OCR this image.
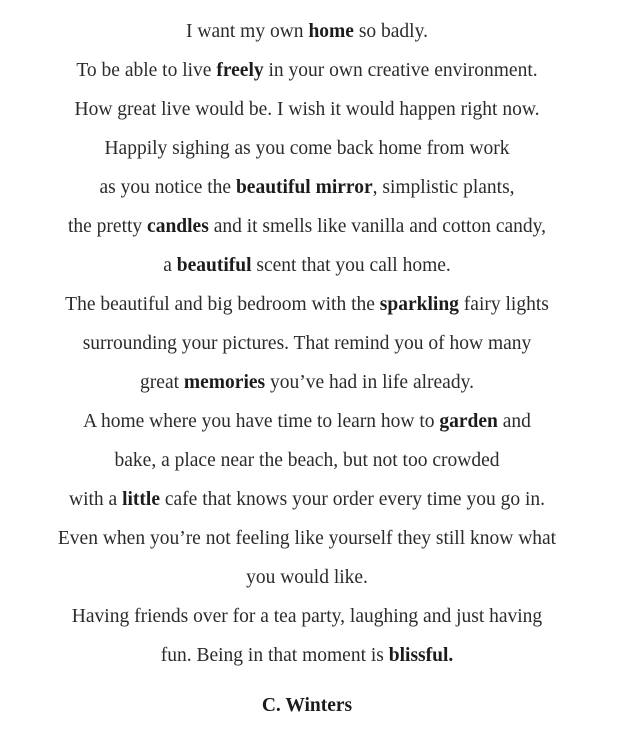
I want my own home so badly.
To be able to live freely in your own creative environment.
How great live would be. I wish it would happen right now.
Happily sighing as you come back home from work
as you notice the beautiful mirror, simplistic plants,
the pretty candles and it smells like vanilla and cotton candy,
a beautiful scent that you call home.
The beautiful and big bedroom with the sparkling fairy lights
surrounding your pictures. That remind you of how many
great memories you’ve had in life already.
A home where you have time to learn how to garden and
bake, a place near the beach, but not too crowded
with a little cafe that knows your order every time you go in.
Even when you’re not feeling like yourself they still know what
you would like.
Having friends over for a tea party, laughing and just having
fun. Being in that moment is blissful.
C. Winters
